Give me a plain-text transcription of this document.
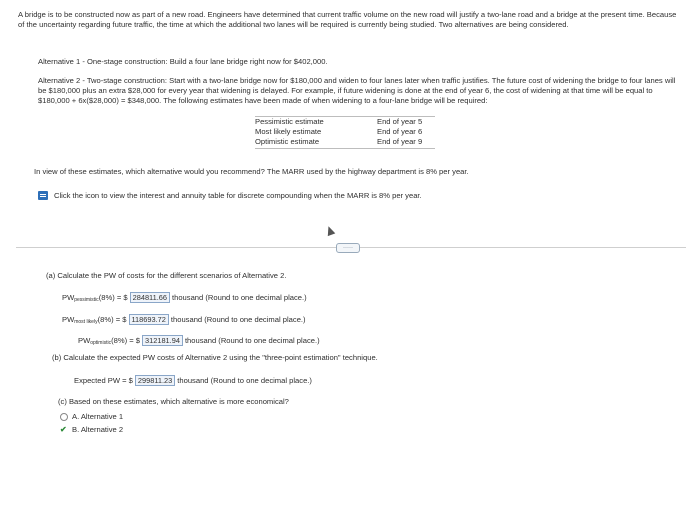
A bridge is to be constructed now as part of a new road. Engineers have determined that current traffic volume on the new road will justify a two-lane road and a bridge at the present time. Because of the uncertainty regarding future traffic, the time at which the additional two lanes will be required is currently being studied. Two alternatives are being considered.
Alternative 1 - One-stage construction: Build a four lane bridge right now for $402,000.
Alternative 2 - Two-stage construction: Start with a two-lane bridge now for $180,000 and widen to four lanes later when traffic justifies. The future cost of widening the bridge to four lanes will be $180,000 plus an extra $28,000 for every year that widening is delayed. For example, if future widening is done at the end of year 6, the cost of widening at that time will be equal to $180,000 + 6x($28,000) = $348,000. The following estimates have been made of when widening to a four-lane bridge will be required:
Pessimistic estimate	End of year 5
Most likely estimate	End of year 6
Optimistic estimate	End of year 9
In view of these estimates, which alternative would you recommend? The MARR used by the highway department is 8% per year.
Click the icon to view the interest and annuity table for discrete compounding when the MARR is 8% per year.
·····
(a) Calculate the PW of costs for the different scenarios of Alternative 2.
$PW_{pessimistic}(8\%)$ = $ 284811.66 thousand (Round to one decimal place.)
$PW_{most likely}(8\%)$ = $ 118693.72 thousand (Round to one decimal place.)
$PW_{optimistic}(8\%)$ = $ 312181.94 thousand (Round to one decimal place.)
(b) Calculate the expected PW costs of Alternative 2 using the "three-point estimation" technique.
Expected PW = $ 299811.23 thousand (Round to one decimal place.)
(c) Based on these estimates, which alternative is more economical?
A. Alternative 1
✔ B. Alternative 2
